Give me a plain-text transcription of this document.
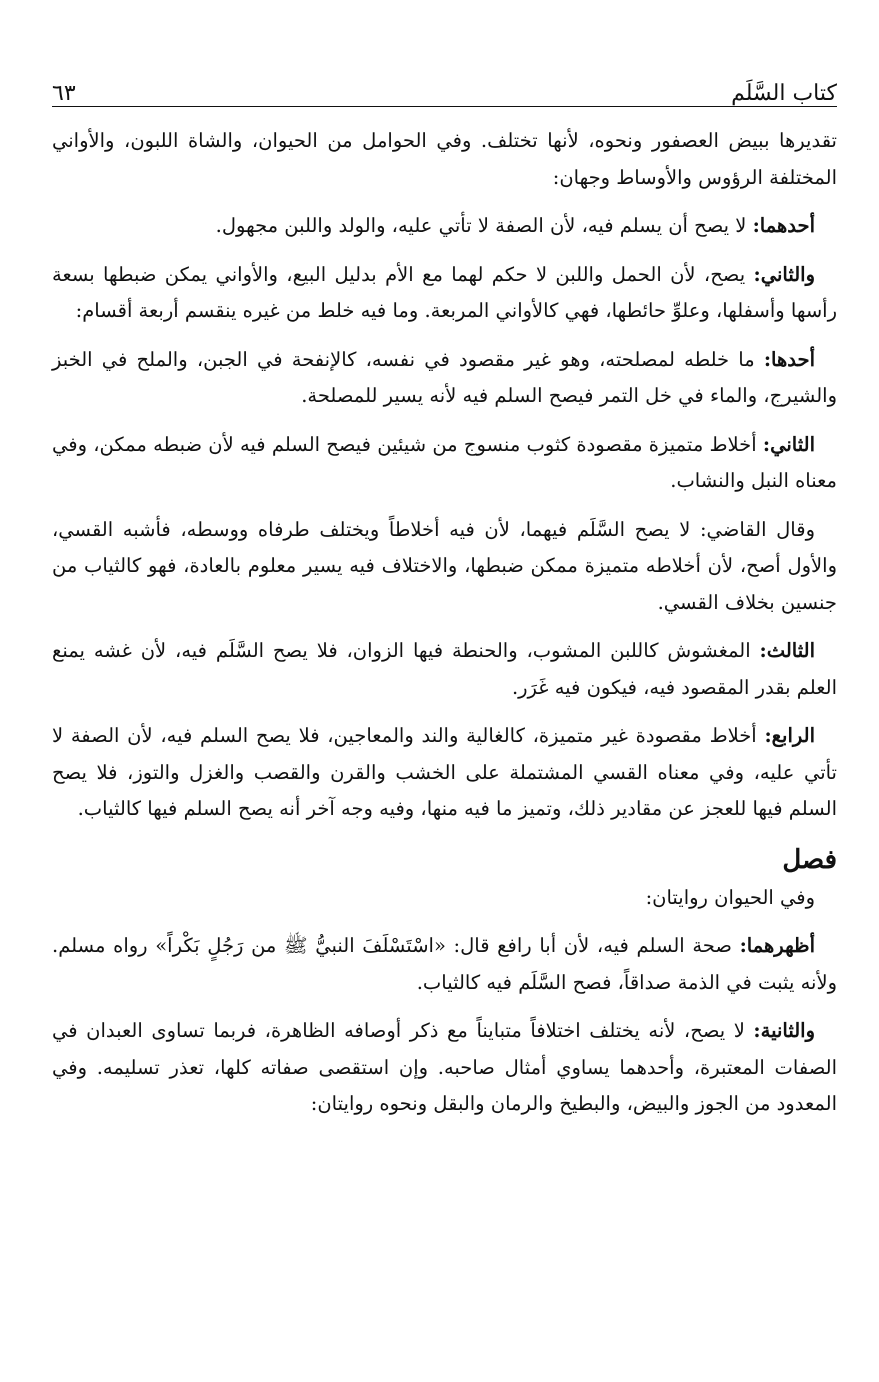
كتاب السَّلَم
٦٣

تقديرها ببيض العصفور ونحوه، لأنها تختلف. وفي الحوامل من الحيوان، والشاة اللبون، والأواني المختلفة الرؤوس والأوساط وجهان:

أحدهما: لا يصح أن يسلم فيه، لأن الصفة لا تأتي عليه، والولد واللبن مجهول.

والثاني: يصح، لأن الحمل واللبن لا حكم لهما مع الأم بدليل البيع، والأواني يمكن ضبطها بسعة رأسها وأسفلها، وعلوِّ حائطها، فهي كالأواني المربعة. وما فيه خلط من غيره ينقسم أربعة أقسام:

أحدها: ما خلطه لمصلحته، وهو غير مقصود في نفسه، كالإنفحة في الجبن، والملح في الخبز والشيرج، والماء في خل التمر فيصح السلم فيه لأنه يسير للمصلحة.

الثاني: أخلاط متميزة مقصودة كثوب منسوج من شيئين فيصح السلم فيه لأن ضبطه ممكن، وفي معناه النبل والنشاب.

وقال القاضي: لا يصح السَّلَم فيهما، لأن فيه أخلاطاً ويختلف طرفاه ووسطه، فأشبه القسي، والأول أصح، لأن أخلاطه متميزة ممكن ضبطها، والاختلاف فيه يسير معلوم بالعادة، فهو كالثياب من جنسين بخلاف القسي.

الثالث: المغشوش كاللبن المشوب، والحنطة فيها الزوان، فلا يصح السَّلَم فيه، لأن غشه يمنع العلم بقدر المقصود فيه، فيكون فيه غَرَر.

الرابع: أخلاط مقصودة غير متميزة، كالغالية والند والمعاجين، فلا يصح السلم فيه، لأن الصفة لا تأتي عليه، وفي معناه القسي المشتملة على الخشب والقرن والقصب والغزل والتوز، فلا يصح السلم فيها للعجز عن مقادير ذلك، وتميز ما فيه منها، وفيه وجه آخر أنه يصح السلم فيها كالثياب.

فصل

وفي الحيوان روايتان:

أظهرهما: صحة السلم فيه، لأن أبا رافع قال: «اسْتَسْلَفَ النبيُّ ﷺ من رَجُلٍ بَكْراً» رواه مسلم. ولأنه يثبت في الذمة صداقاً، فصح السَّلَم فيه كالثياب.

والثانية: لا يصح، لأنه يختلف اختلافاً متبايناً مع ذكر أوصافه الظاهرة، فربما تساوى العبدان في الصفات المعتبرة، وأحدهما يساوي أمثال صاحبه. وإن استقصى صفاته كلها، تعذر تسليمه. وفي المعدود من الجوز والبيض، والبطيخ والرمان والبقل ونحوه روايتان:
